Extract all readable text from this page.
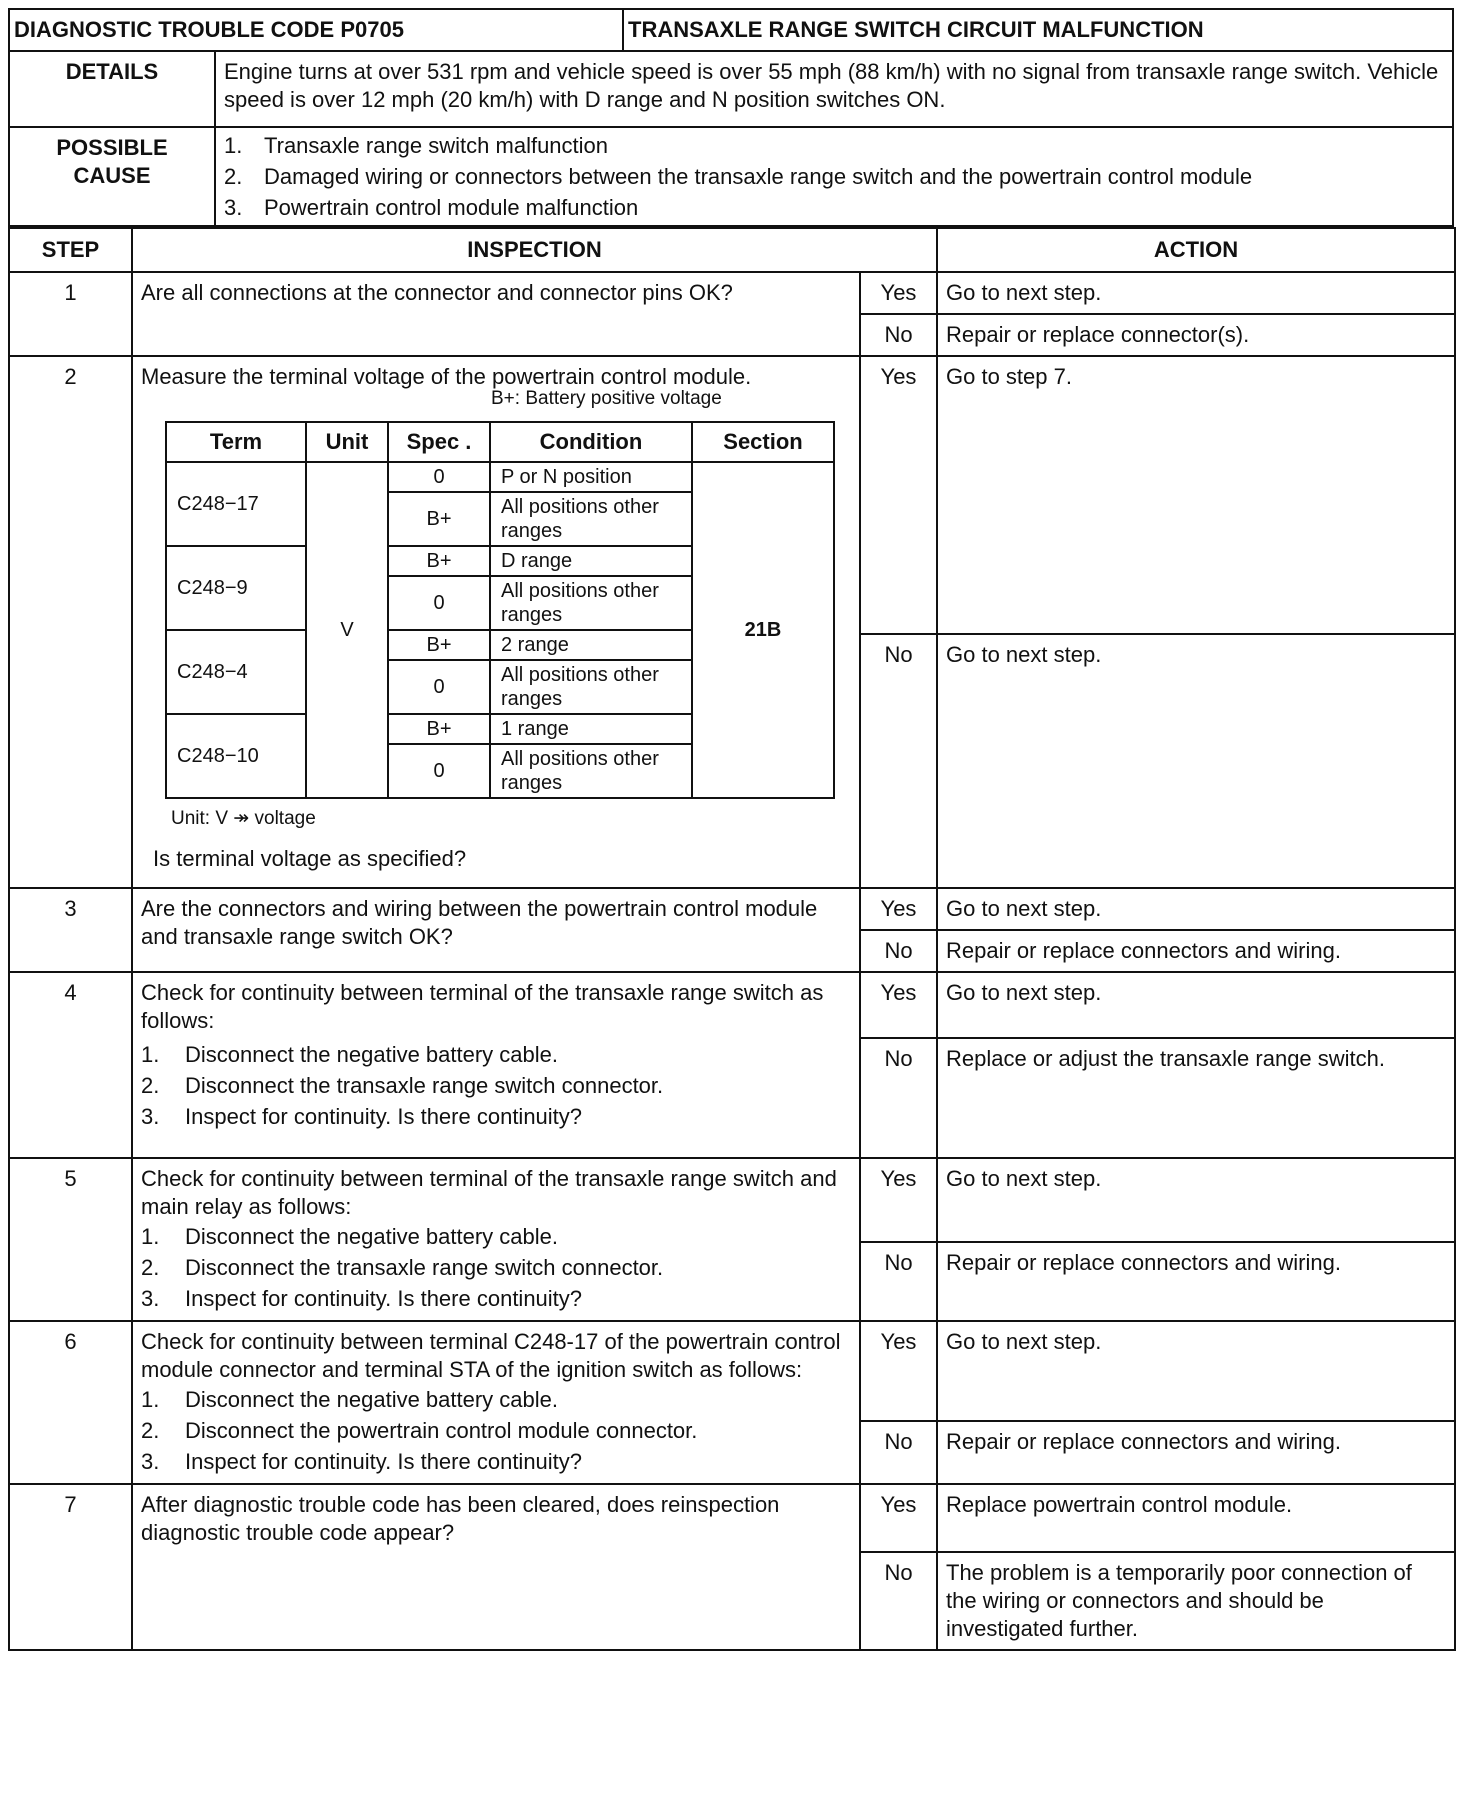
DIAGNOSTIC TROUBLE CODE P0705	TRANSAXLE RANGE SWITCH CIRCUIT MALFUNCTION
DETAILS	Engine turns at over 531 rpm and vehicle speed is over 55 mph (88 km/h) with no signal from transaxle range switch. Vehicle speed is over 12 mph (20 km/h) with D range and N position switches ON.
POSSIBLE CAUSE
1. Transaxle range switch malfunction
2. Damaged wiring or connectors between the transaxle range switch and the powertrain control module
3. Powertrain control module malfunction
STEP	INSPECTION	ACTION
1	Are all connections at the connector and connector pins OK?	Yes	Go to next step.
No	Repair or replace connector(s).
2	Measure the terminal voltage of the powertrain control module.
B+: Battery positive voltage
Term	Unit	Spec .	Condition	Section
C248−17	V	0	P or N position	21B
B+	All positions other ranges
C248−9	B+	D range
0	All positions other ranges
C248−4	B+	2 range
0	All positions other ranges
C248−10	B+	1 range
0	All positions other ranges
Unit: V ↠ voltage
Is terminal voltage as specified?
	Yes	Go to step 7.
No	Go to next step.
3	Are the connectors and wiring between the powertrain control module and transaxle range switch OK?	Yes	Go to next step.
No	Repair or replace connectors and wiring.
4	Check for continuity between terminal of the transaxle range switch as follows:
1.	Disconnect the negative battery cable.
2.	Disconnect the transaxle range switch connector.
3.	Inspect for continuity. Is there continuity?
	Yes	Go to next step.
No	Replace or adjust the transaxle range switch.
5	Check for continuity between terminal of the transaxle range switch and main relay as follows:
1.	Disconnect the negative battery cable.
2.	Disconnect the transaxle range switch connector.
3.	Inspect for continuity. Is there continuity?
	Yes	Go to next step.
No	Repair or replace connectors and wiring.
6	Check for continuity between terminal C248-17 of the powertrain control module connector and terminal STA of the ignition switch as follows:
1.	Disconnect the negative battery cable.
2.	Disconnect the powertrain control module connector.
3.	Inspect for continuity. Is there continuity?
	Yes	Go to next step.
No	Repair or replace connectors and wiring.
7	After diagnostic trouble code has been cleared, does reinspection diagnostic trouble code appear?	Yes	Replace powertrain control module.
No	The problem is a temporarily poor connection of the wiring or connectors and should be investigated further.
